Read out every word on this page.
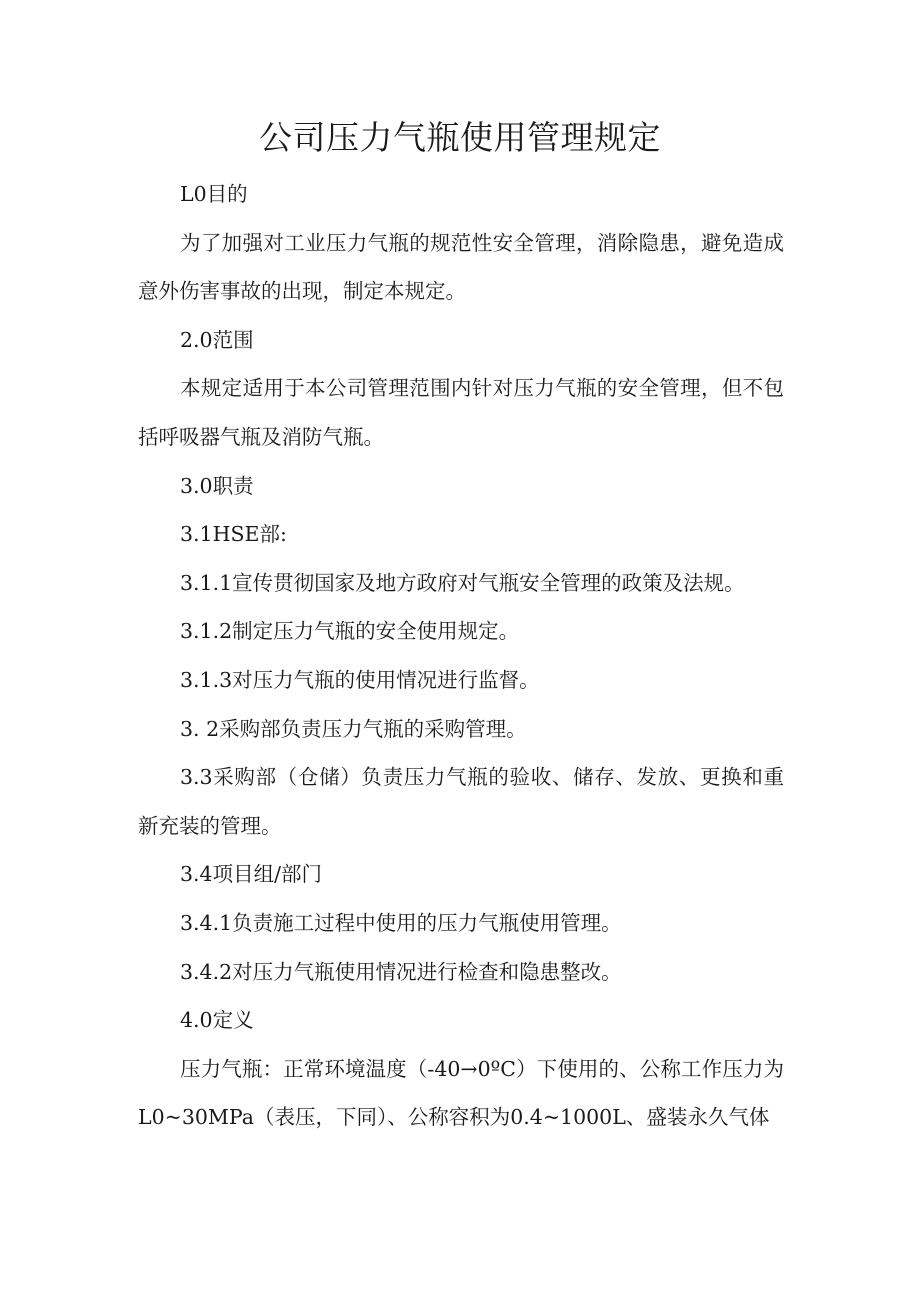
公司压力气瓶使用管理规定

L0目的

为了加强对工业压力气瓶的规范性安全管理，消除隐患，避免造成意外伤害事故的出现，制定本规定。

2.0范围

本规定适用于本公司管理范围内针对压力气瓶的安全管理，但不包括呼吸器气瓶及消防气瓶。

3.0职责

3.1HSE部:

3.1.1宣传贯彻国家及地方政府对气瓶安全管理的政策及法规。

3.1.2制定压力气瓶的安全使用规定。

3.1.3对压力气瓶的使用情况进行监督。

3. 2采购部负责压力气瓶的采购管理。

3.3采购部（仓储）负责压力气瓶的验收、储存、发放、更换和重新充装的管理。

3.4项目组/部门

3.4.1负责施工过程中使用的压力气瓶使用管理。

3.4.2对压力气瓶使用情况进行检查和隐患整改。

4.0定义

压力气瓶：正常环境温度（-40→0ºC）下使用的、公称工作压力为L0~30MPa（表压，下同）、公称容积为0.4~1000L、盛装永久气体
